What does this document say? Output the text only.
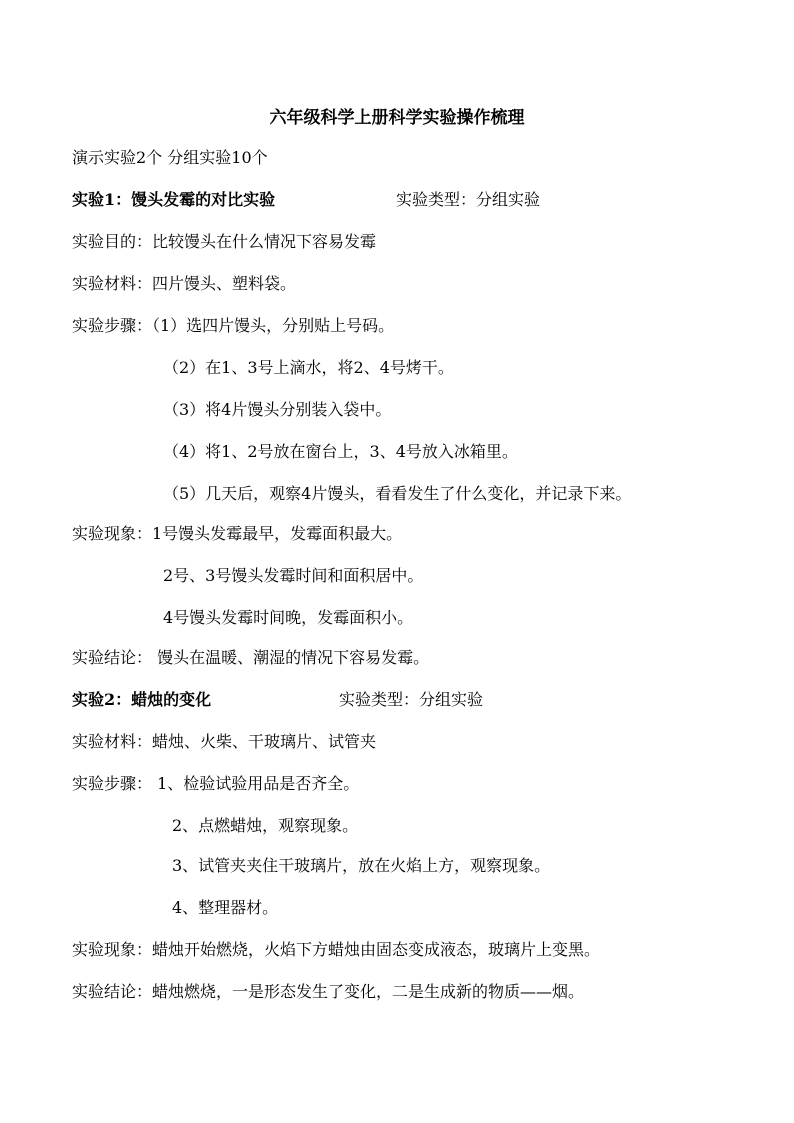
六年级科学上册科学实验操作梳理
演示实验2个 分组实验10个
实验1：馒头发霉的对比实验	实验类型：分组实验
实验目的：比较馒头在什么情况下容易发霉
实验材料：四片馒头、塑料袋。
实验步骤：（1）选四片馒头，分别贴上号码。
（2）在1、3号上滴水，将2、4号烤干。
（3）将4片馒头分别装入袋中。
（4）将1、2号放在窗台上，3、4号放入冰箱里。
（5）几天后，观察4片馒头，看看发生了什么变化，并记录下来。
实验现象：1号馒头发霉最早，发霉面积最大。
2号、3号馒头发霉时间和面积居中。
4号馒头发霉时间晚，发霉面积小。
实验结论： 馒头在温暖、潮湿的情况下容易发霉。
实验2：蜡烛的变化	实验类型：分组实验
实验材料：蜡烛、火柴、干玻璃片、试管夹
实验步骤： 1、检验试验用品是否齐全。
2、点燃蜡烛，观察现象。
3、试管夹夹住干玻璃片，放在火焰上方，观察现象。
4、整理器材。
实验现象：蜡烛开始燃烧，火焰下方蜡烛由固态变成液态，玻璃片上变黑。
实验结论：蜡烛燃烧，一是形态发生了变化，二是生成新的物质——烟。
